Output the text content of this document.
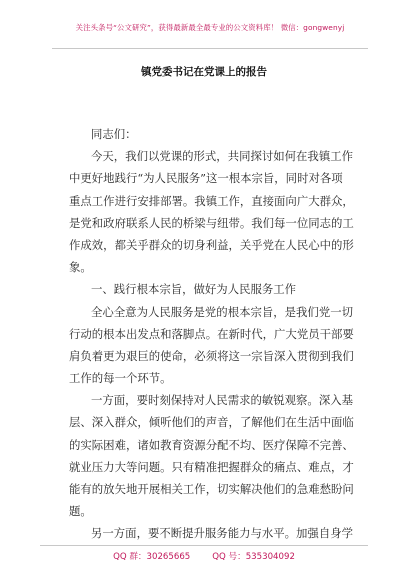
关注头条号“公文研究”，获得最新最全最专业的公文资料库！ 微信：gongwenyj
镇党委书记在党课上的报告
同志们：
今天，我们以党课的形式，共同探讨如何在我镇工作
中更好地践行“为人民服务”这一根本宗旨，同时对各项
重点工作进行安排部署。我镇工作，直接面向广大群众，
是党和政府联系人民的桥梁与纽带。我们每一位同志的工
作成效，都关乎群众的切身利益，关乎党在人民心中的形
象。
一、践行根本宗旨，做好为人民服务工作
全心全意为人民服务是党的根本宗旨，是我们党一切
行动的根本出发点和落脚点。在新时代，广大党员干部要
肩负着更为艰巨的使命，必须将这一宗旨深入贯彻到我们
工作的每一个环节。
一方面，要时刻保持对人民需求的敏锐观察。深入基
层、深入群众，倾听他们的声音，了解他们在生活中面临
的实际困难，诸如教育资源分配不均、医疗保障不完善、
就业压力大等问题。只有精准把握群众的痛点、难点，才
能有的放矢地开展相关工作，切实解决他们的急难愁盼问
题。
另一方面，要不断提升服务能力与水平。加强自身学
QQ 群：30265665	QQ 号：535304092
